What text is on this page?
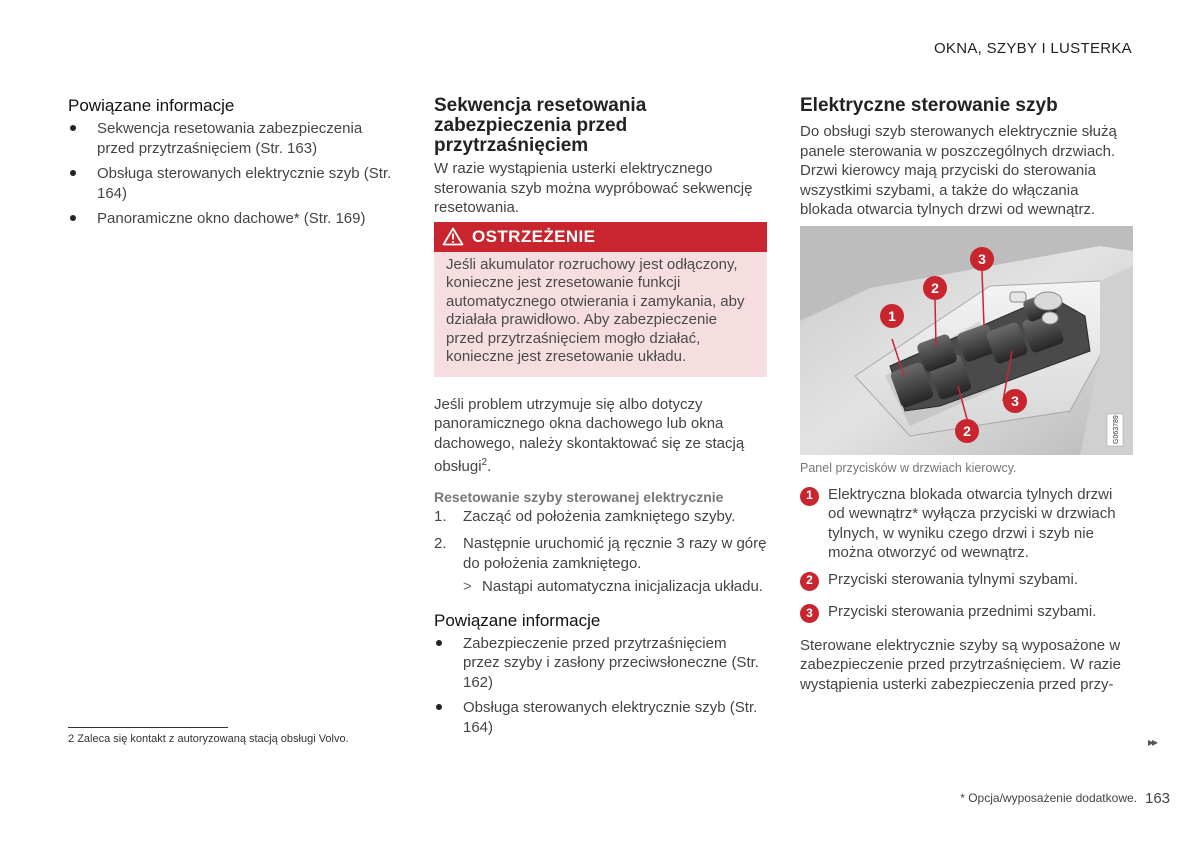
OKNA, SZYBY I LUSTERKA
Powiązane informacje
Sekwencja resetowania zabezpieczenia przed przytrzaśnięciem (Str. 163)
Obsługa sterowanych elektrycznie szyb (Str. 164)
Panoramiczne okno dachowe* (Str. 169)
Sekwencja resetowania
zabezpieczenia przed
przytrzaśnięciem

W razie wystąpienia usterki elektrycznego sterowania szyb można wypróbować sekwencję resetowania.

OSTRZEŻENIE
Jeśli akumulator rozruchowy jest odłączony, konieczne jest zresetowanie funkcji automatycznego otwierania i zamykania, aby działała prawidłowo. Aby zabezpieczenie przed przytrzaśnięciem mogło działać, konieczne jest zresetowanie układu.

Jeśli problem utrzymuje się albo dotyczy panoramicznego okna dachowego lub okna dachowego, należy skontaktować się ze stacją obsługi$^2$.

Resetowanie szyby sterowanej elektrycznie
1. Zacząć od położenia zamkniętego szyby.
2. Następnie uruchomić ją ręcznie 3 razy w górę do położenia zamkniętego.
> Nastąpi automatyczna inicjalizacja układu.
Powiązane informacje
Zabezpieczenie przed przytrzaśnięciem przez szyby i zasłony przeciwsłoneczne (Str. 162)
Obsługa sterowanych elektrycznie szyb (Str. 164)
Elektryczne sterowanie szyb

Do obsługi szyb sterowanych elektrycznie służą panele sterowania w poszczególnych drzwiach. Drzwi kierowcy mają przyciski do sterowania wszystkimi szybami, a także do włączania blokada otwarcia tylnych drzwi od wewnątrz.

1
2
3
3
2	G063789
Panel przycisków w drzwiach kierowcy.
1	Elektryczna blokada otwarcia tylnych drzwi od wewnątrz* wyłącza przyciski w drzwiach tylnych, w wyniku czego drzwi i szyb nie można otworzyć od wewnątrz.
2	Przyciski sterowania tylnymi szybami.
3	Przyciski sterowania przednimi szybami.

Sterowane elektrycznie szyby są wyposażone w zabezpieczenie przed przytrzaśnięciem. W razie wystąpienia usterki zabezpieczenia przed przy-

2 Zaleca się kontakt z autoryzowaną stacją obsługi Volvo.	▸▸
* Opcja/wyposażenie dodatkowe. 163
